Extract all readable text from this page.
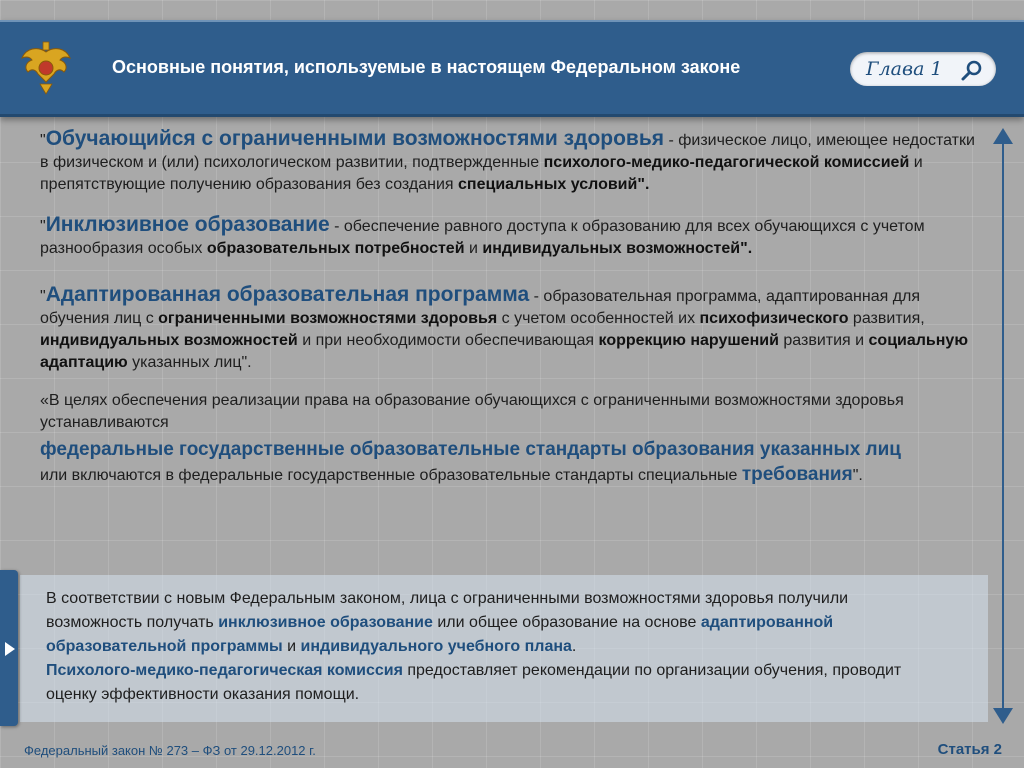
Основные понятия, используемые в настоящем Федеральном законе	Глава 1

"Обучающийся с ограниченными возможностями здоровья - физическое лицо, имеющее недостатки в физическом и (или) психологическом развитии, подтвержденные психолого-медико-педагогической комиссией и препятствующие получению образования без создания специальных условий".

"Инклюзивное образование - обеспечение равного доступа к образованию для всех обучающихся с учетом разнообразия особых образовательных потребностей и индивидуальных возможностей".

"Адаптированная образовательная программа - образовательная программа, адаптированная для обучения лиц с ограниченными возможностями здоровья с учетом особенностей их психофизического развития, индивидуальных возможностей и при необходимости обеспечивающая коррекцию нарушений развития и социальную адаптацию указанных лиц".

«В целях обеспечения реализации права на образование обучающихся с ограниченными возможностями здоровья устанавливаются

федеральные государственные образовательные стандарты образования указанных лиц

или включаются в федеральные государственные образовательные стандарты специальные требования".

В соответствии с новым Федеральным законом, лица с ограниченными возможностями здоровья получили возможность получать инклюзивное образование или общее образование на основе адаптированной образовательной программы и индивидуального учебного плана.
Психолого-медико-педагогическая комиссия предоставляет рекомендации по организации обучения, проводит оценку эффективности оказания помощи.

Федеральный закон № 273 – ФЗ от 29.12.2012 г.	Статья 2
